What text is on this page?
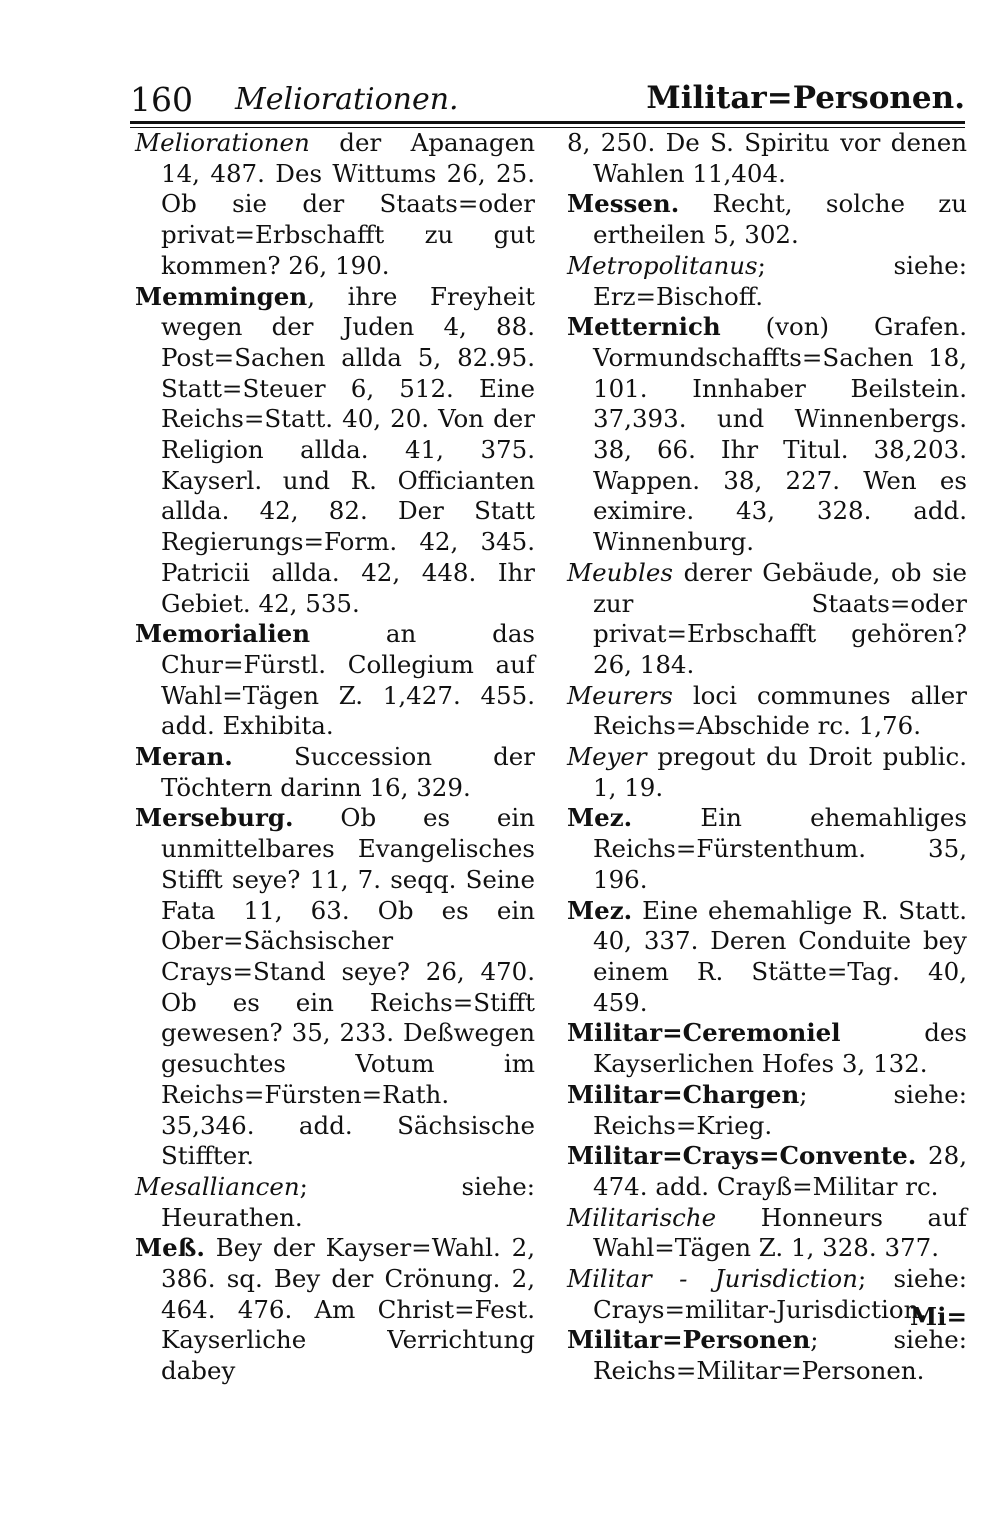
160 Meliorationen.	Militar=Personen.

Meliorationen der Apanagen 14, 487. Des Wittums 26, 25. Ob sie der Staats=oder privat=Erbschafft zu gut kommen? 26, 190.

Memmingen, ihre Freyheit wegen der Juden 4, 88. Post=Sachen allda 5, 82.95. Statt=Steuer 6, 512. Eine Reichs=Statt. 40, 20. Von der Religion allda. 41, 375. Kayserl. und R. Officianten allda. 42, 82. Der Statt Regierungs=Form. 42, 345. Patricii allda. 42, 448. Ihr Gebiet. 42, 535.

Memorialien an das Chur=Fürstl. Collegium auf Wahl=Tägen Z. 1,427. 455. add. Exhibita.

Meran. Succession der Töchtern darinn 16, 329.

Merseburg. Ob es ein unmittelbares Evangelisches Stifft seye? 11, 7. seqq. Seine Fata 11, 63. Ob es ein Ober=Sächsischer Crays=Stand seye? 26, 470. Ob es ein Reichs=Stifft gewesen? 35, 233. Deßwegen gesuchtes Votum im Reichs=Fürsten=Rath. 35,346. add. Sächsische Stiffter.

Mesalliancen; siehe: Heurathen.

Meß. Bey der Kayser=Wahl. 2, 386. sq. Bey der Crönung. 2, 464. 476. Am Christ=Fest. Kayserliche Verrichtung dabey

8, 250. De S. Spiritu vor denen Wahlen 11,404.

Messen. Recht, solche zu ertheilen 5, 302.

Metropolitanus; siehe: Erz=Bischoff.

Metternich (von) Grafen. Vormundschaffts=Sachen 18, 101. Innhaber Beilstein. 37,393. und Winnenbergs. 38, 66. Ihr Titul. 38,203. Wappen. 38, 227. Wen es eximire. 43, 328. add. Winnenburg.

Meubles derer Gebäude, ob sie zur Staats=oder privat=Erbschafft gehören? 26, 184.

Meurers loci communes aller Reichs=Abschide rc. 1,76.

Meyer pregout du Droit public. 1, 19.

Mez. Ein ehemahliges Reichs=Fürstenthum. 35, 196.

Mez. Eine ehemahlige R. Statt. 40, 337. Deren Conduite bey einem R. Stätte=Tag. 40, 459.

Militar=Ceremoniel des Kayserlichen Hofes 3, 132.

Militar=Chargen; siehe: Reichs=Krieg.

Militar=Crays=Convente. 28, 474. add. Crayß=Militar rc.

Militarische Honneurs auf Wahl=Tägen Z. 1, 328. 377.

Militar - Jurisdiction; siehe: Crays=militar-Jurisdiction.

Militar=Personen; siehe: Reichs=Militar=Personen.

Mi=
